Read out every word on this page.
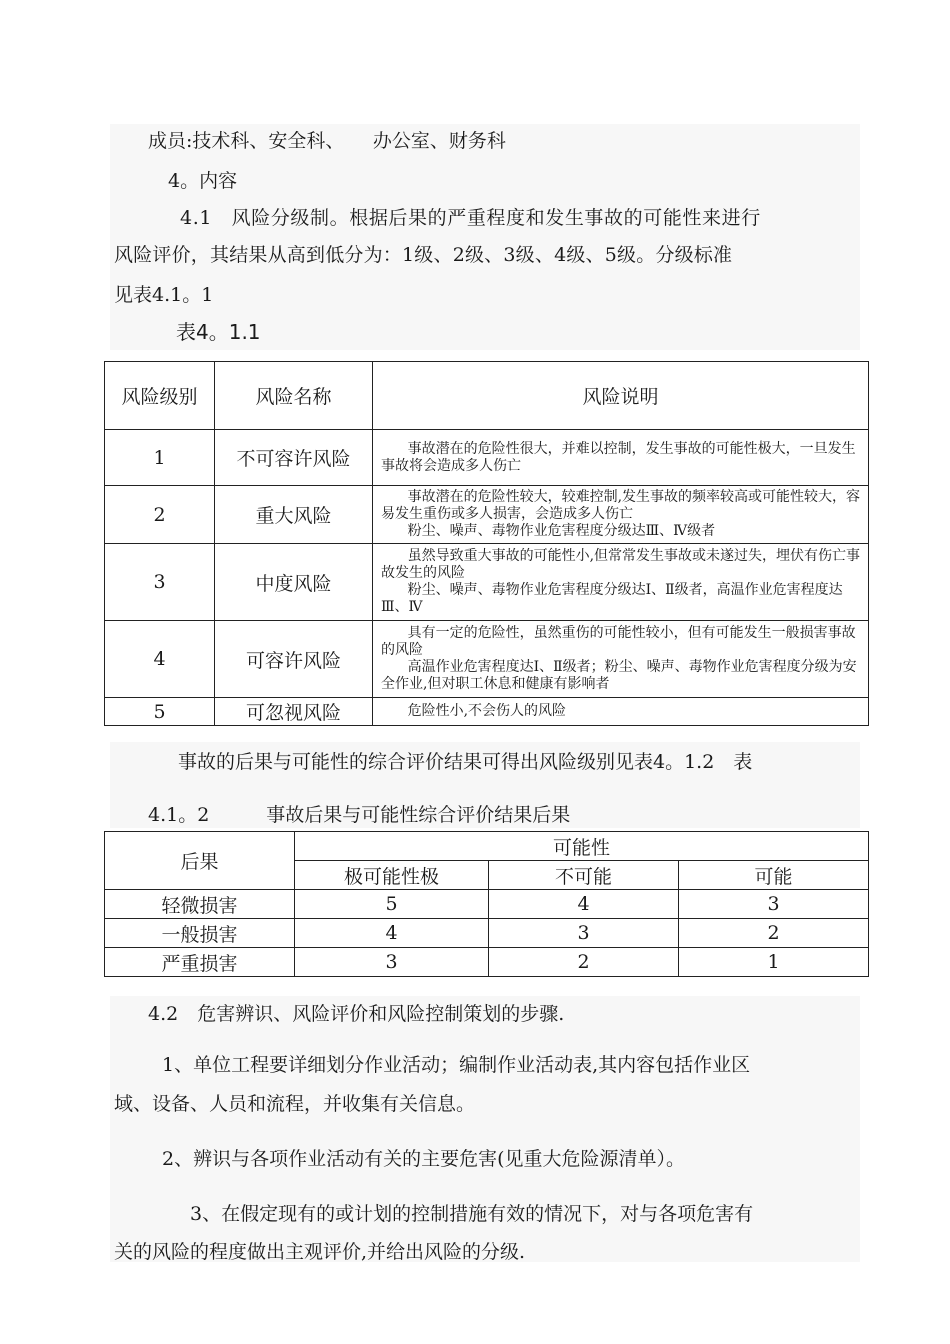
成员:技术科、安全科、　　办公室、财务科
4。内容
4.1　风险分级制。根据后果的严重程度和发生事故的可能性来进行
风险评价，其结果从高到低分为：1级、2级、3级、4级、5级。分级标准
见表4.1。1
表4。1.1
风险级别	风险名称	风险说明
1	不可容许风险	事故潜在的危险性很大，并难以控制，发生事故的可能性极大，一旦发生事故将会造成多人伤亡

2	重大风险	事故潜在的危险性较大，较难控制,发生事故的频率较高或可能性较大，容易发生重伤或多人损害，会造成多人伤亡
粉尘、噪声、毒物作业危害程度分级达Ⅲ、Ⅳ级者

3	中度风险	虽然导致重大事故的可能性小,但常常发生事故或未遂过失，埋伏有伤亡事故发生的风险
粉尘、噪声、毒物作业危害程度分级达Ⅰ、Ⅱ级者，高温作业危害程度达Ⅲ、Ⅳ

4	可容许风险	具有一定的危险性，虽然重伤的可能性较小，但有可能发生一般损害事故的风险
高温作业危害程度达Ⅰ、Ⅱ级者；粉尘、噪声、毒物作业危害程度分级为安全作业,但对职工休息和健康有影响者

5	可忽视风险	危险性小,不会伤人的风险
事故的后果与可能性的综合评价结果可得出风险级别见表4。1.2　表
4.1。2　　　事故后果与可能性综合评价结果后果
后果	可能性		
	极可能性极	不可能	可能
轻微损害	5	4	3
一般损害	4	3	2
严重损害	3	2	1
4.2　危害辨识、风险评价和风险控制策划的步骤.
1、单位工程要详细划分作业活动；编制作业活动表,其内容包括作业区
域、设备、人员和流程，并收集有关信息。
2、辨识与各项作业活动有关的主要危害(见重大危险源清单）。
3、在假定现有的或计划的控制措施有效的情况下，对与各项危害有
关的风险的程度做出主观评价,并给出风险的分级.
